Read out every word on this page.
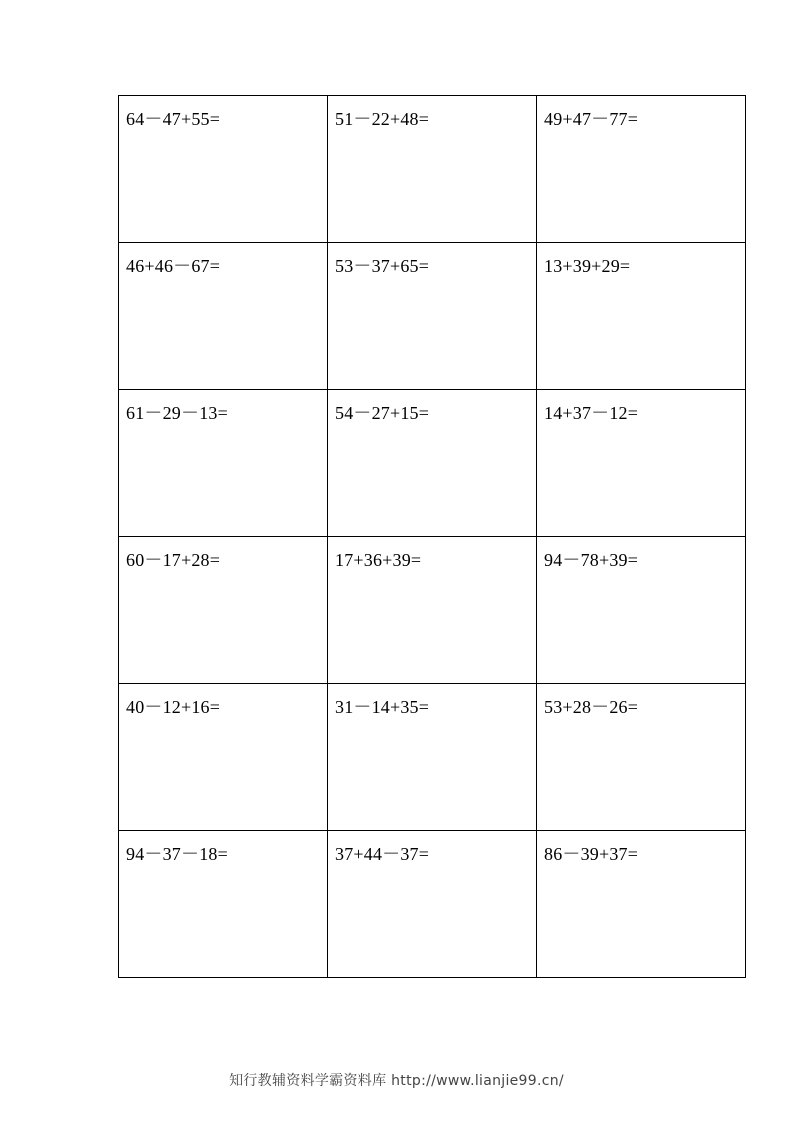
64－47+55=	51－22+48=	49+47－77=

46+46－67=	53－37+65=	13+39+29=

61－29－13=	54－27+15=	14+37－12=

60－17+28=	17+36+39=	94－78+39=

40－12+16=	31－14+35=	53+28－26=

94－37－18=	37+44－37=	86－39+37=
知行教辅资料学霸资料库 http://www.lianjie99.cn/
